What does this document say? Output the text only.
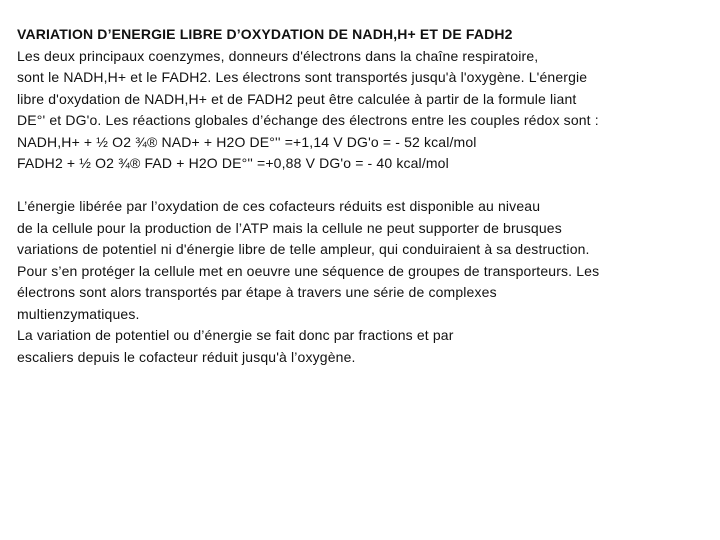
VARIATION D’ENERGIE LIBRE D’OXYDATION DE NADH,H+ ET DE FADH2
Les deux principaux coenzymes, donneurs d'électrons dans la chaîne respiratoire,
sont le NADH,H+ et le FADH2. Les électrons sont transportés jusqu'à l'oxygène. L'énergie
libre d'oxydation de NADH,H+ et de FADH2 peut être calculée à partir de la formule liant
DE°' et DG'o. Les réactions globales d’échange des électrons entre les couples rédox sont :
NADH,H+ + ½ O2 ¾® NAD+ + H2O DE°'' =+1,14 V DG'o = - 52 kcal/mol
FADH2 + ½ O2 ¾® FAD + H2O DE°'' =+0,88 V DG'o = - 40 kcal/mol
L’énergie libérée par l’oxydation de ces cofacteurs réduits est disponible au niveau
de la cellule pour la production de l’ATP mais la cellule ne peut supporter de brusques
variations de potentiel ni d'énergie libre de telle ampleur, qui conduiraient à sa destruction.
Pour s’en protéger la cellule met en oeuvre une séquence de groupes de transporteurs. Les
électrons sont alors transportés par étape à travers une série de complexes
multienzymatiques.
La variation de potentiel ou d’énergie se fait donc par fractions et par
escaliers depuis le cofacteur réduit jusqu'à l’oxygène.
